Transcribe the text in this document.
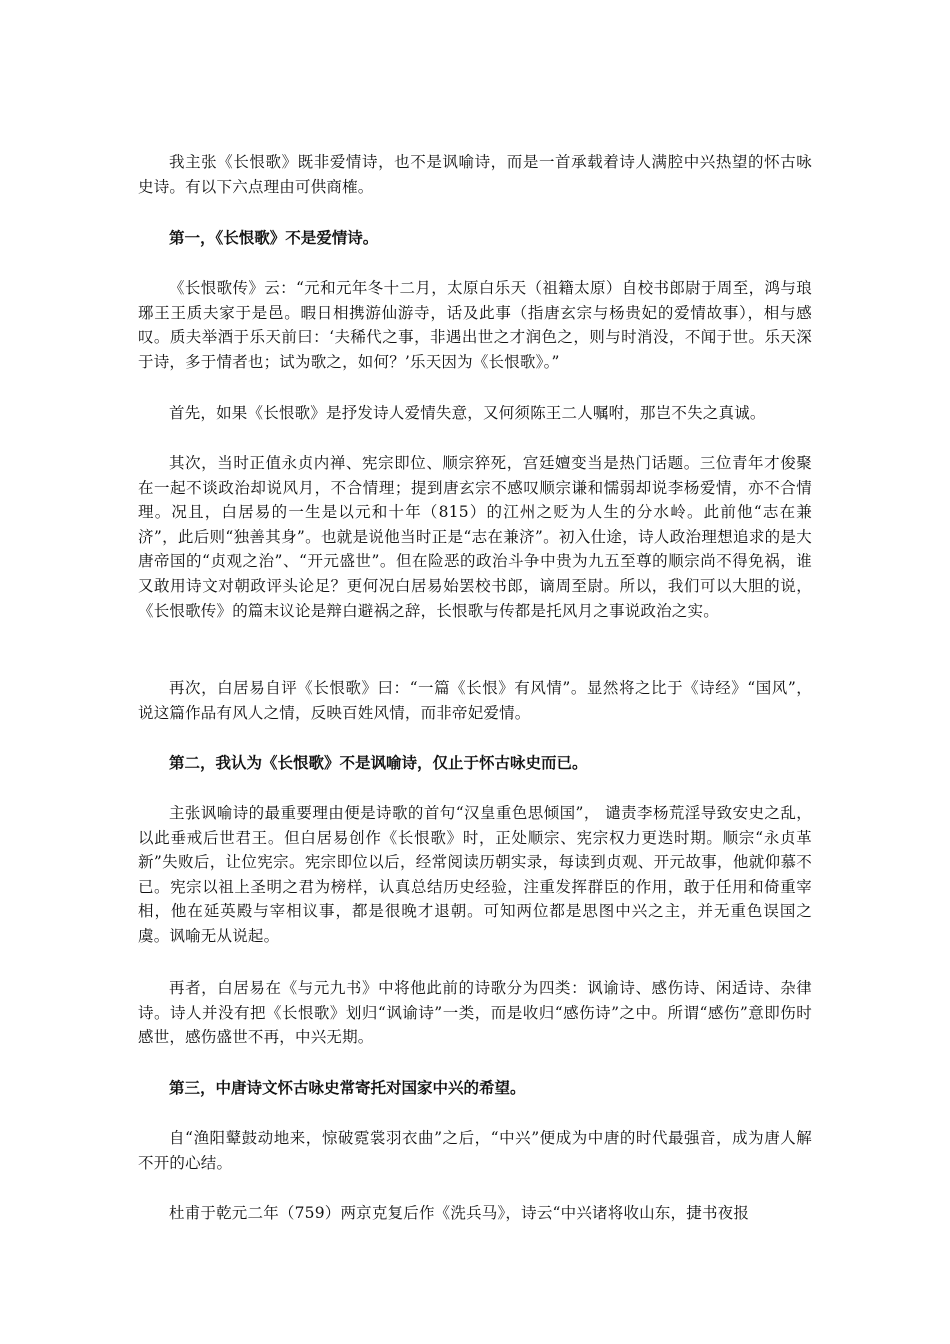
我主张《长恨歌》既非爱情诗，也不是讽喻诗，而是一首承载着诗人满腔中兴热望的怀古咏史诗。有以下六点理由可供商榷。

第一，《长恨歌》不是爱情诗。

《长恨歌传》云：“元和元年冬十二月，太原白乐天（祖籍太原）自校书郎尉于周至，鸿与琅琊王王质夫家于是邑。暇日相携游仙游寺，话及此事（指唐玄宗与杨贵妃的爱情故事），相与感叹。质夫举酒于乐天前曰：‘夫稀代之事，非遇出世之才润色之，则与时消没，不闻于世。乐天深于诗，多于情者也；试为歌之，如何？’乐天因为《长恨歌》。”

首先，如果《长恨歌》是抒发诗人爱情失意，又何须陈王二人嘱咐，那岂不失之真诚。

其次，当时正值永贞内禅、宪宗即位、顺宗猝死，宫廷嬗变当是热门话题。三位青年才俊聚在一起不谈政治却说风月，不合情理；提到唐玄宗不感叹顺宗谦和懦弱却说李杨爱情，亦不合情理。况且，白居易的一生是以元和十年（815）的江州之贬为人生的分水岭。此前他“志在兼济”，此后则“独善其身”。也就是说他当时正是“志在兼济”。初入仕途，诗人政治理想追求的是大唐帝国的“贞观之治”、“开元盛世”。但在险恶的政治斗争中贵为九五至尊的顺宗尚不得免祸，谁又敢用诗文对朝政评头论足？更何况白居易始罢校书郎，谪周至尉。所以，我们可以大胆的说，《长恨歌传》的篇末议论是辩白避祸之辞，长恨歌与传都是托风月之事说政治之实。

再次，白居易自评《长恨歌》曰：“一篇《长恨》有风情”。显然将之比于《诗经》“国风”，说这篇作品有风人之情，反映百姓风情，而非帝妃爱情。

第二，我认为《长恨歌》不是讽喻诗，仅止于怀古咏史而已。

主张讽喻诗的最重要理由便是诗歌的首句“汉皇重色思倾国”， 谴责李杨荒淫导致安史之乱，以此垂戒后世君王。但白居易创作《长恨歌》时，正处顺宗、宪宗权力更迭时期。顺宗“永贞革新”失败后，让位宪宗。宪宗即位以后，经常阅读历朝实录，每读到贞观、开元故事，他就仰慕不已。宪宗以祖上圣明之君为榜样，认真总结历史经验，注重发挥群臣的作用，敢于任用和倚重宰相，他在延英殿与宰相议事，都是很晚才退朝。可知两位都是思图中兴之主，并无重色误国之虞。讽喻无从说起。

再者，白居易在《与元九书》中将他此前的诗歌分为四类：讽谕诗、感伤诗、闲适诗、杂律诗。诗人并没有把《长恨歌》划归“讽谕诗”一类，而是收归“感伤诗”之中。所谓“感伤”意即伤时感世，感伤盛世不再，中兴无期。

第三，中唐诗文怀古咏史常寄托对国家中兴的希望。

自“渔阳鼙鼓动地来，惊破霓裳羽衣曲”之后，“中兴”便成为中唐的时代最强音，成为唐人解不开的心结。

杜甫于乾元二年（759）两京克复后作《洗兵马》，诗云“中兴诸将收山东，捷书夜报
